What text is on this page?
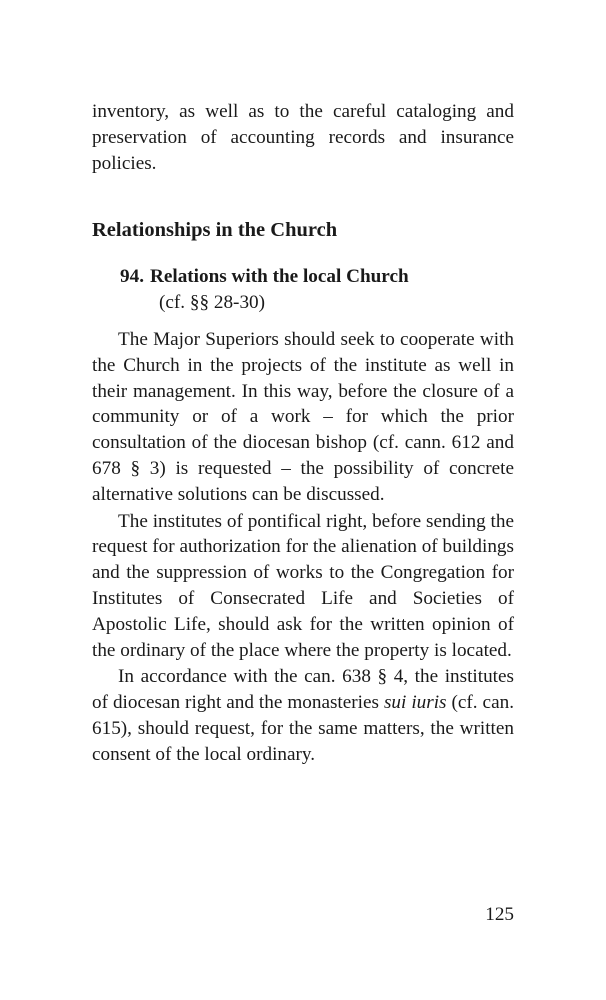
inventory, as well as to the careful cataloging and preservation of accounting records and insurance policies.

Relationships in the Church
94. Relations with the local Church
(cf. §§ 28-30)

The Major Superiors should seek to cooperate with the Church in the projects of the institute as well in their management. In this way, before the closure of a community or of a work – for which the prior consultation of the diocesan bishop (cf. cann. 612 and 678 § 3) is requested – the possibility of concrete alternative solutions can be discussed.

The institutes of pontifical right, before sending the request for authorization for the alienation of buildings and the suppression of works to the Congregation for Institutes of Consecrated Life and Societies of Apostolic Life, should ask for the written opinion of the ordinary of the place where the property is located.

In accordance with the can. 638 § 4, the institutes of diocesan right and the monasteries sui iuris (cf. can. 615), should request, for the same matters, the written consent of the local ordinary.

125
